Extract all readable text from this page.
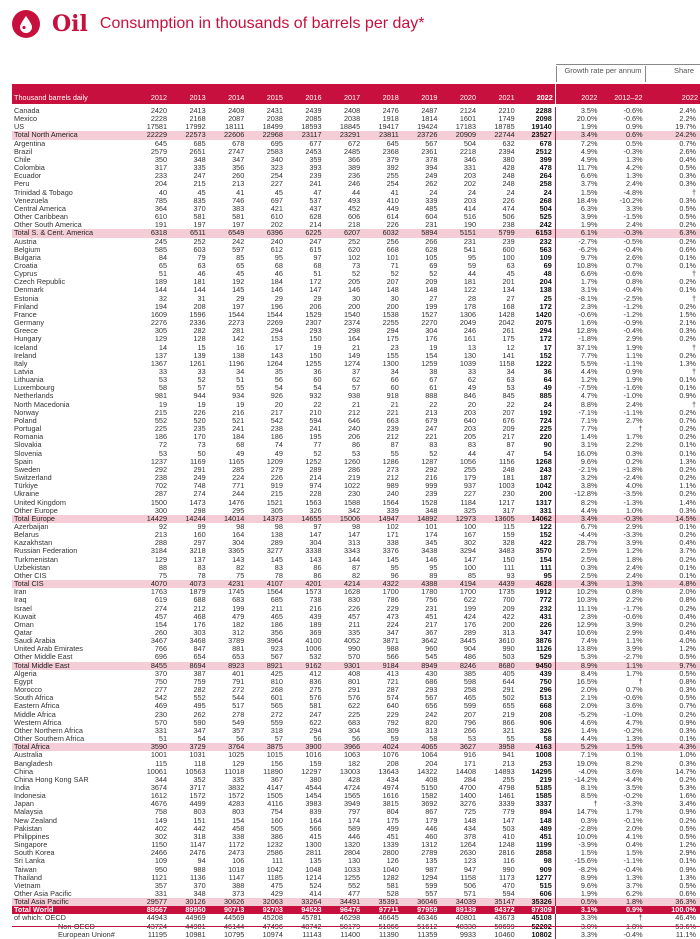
Oil Consumption in thousands of barrels per day*
Growth rate per annum	Share
Thousand barrels daily	2012	2013	2014	2015	2016	2017	2018	2019	2020	2021	2022	2022	2012–22	2022

Canada	2420	2413	2408	2431	2439	2408	2476	2487	2124	2210	2288	3.5%	-0.6%	2.4%
Mexico	2228	2168	2087	2038	2085	2038	1918	1814	1601	1749	2098	20.0%	-0.6%	2.2%
US	17581	17992	18111	18499	18593	18845	19417	19424	17183	18785	19140	1.9%	0.9%	19.7%
Total North America	22229	22573	22606	22968	23117	23291	23811	23726	20909	22744	23527	3.4%	0.6%	24.2%
Argentina	645	685	678	695	677	672	645	567	504	632	678	7.2%	0.5%	0.7%
Brazil	2579	2651	2747	2583	2453	2485	2368	2361	2218	2394	2512	4.9%	-0.3%	2.6%
Chile	350	348	347	340	359	366	379	378	346	380	399	4.9%	1.3%	0.4%
Colombia	317	335	356	323	393	389	392	394	331	428	478	11.7%	4.2%	0.5%
Ecuador	233	247	260	254	239	236	255	249	203	248	264	6.6%	1.3%	0.3%
Peru	204	215	213	227	241	246	254	262	202	248	258	3.7%	2.4%	0.3%
Trinidad & Tobago	40	45	41	45	47	44	41	24	24	24	24	1.5%	-4.8%	†
Venezuela	785	835	746	697	537	493	410	339	203	226	268	18.4%	-10.2%	0.3%
Central America	364	370	383	421	437	452	449	485	414	474	504	6.3%	3.3%	0.5%
Other Caribbean	610	581	581	610	628	606	614	604	516	506	525	3.9%	-1.5%	0.5%
Other South America	191	197	197	202	214	218	226	231	190	238	242	1.9%	2.4%	0.2%
Total S. & Cent. America	6318	6511	6549	6396	6225	6207	6032	5894	5151	5799	6153	6.1%	-0.3%	6.3%
Austria	245	252	242	240	247	252	256	266	231	239	232	-2.7%	-0.5%	0.2%
Belgium	585	603	597	612	615	620	668	628	541	600	563	-6.2%	-0.4%	0.6%
Bulgaria	84	79	85	95	97	102	101	105	95	100	109	9.7%	2.6%	0.1%
Croatia	65	63	65	68	68	73	71	69	59	63	69	10.8%	0.7%	0.1%
Cyprus	51	46	45	46	51	52	52	52	44	45	48	6.6%	-0.6%	†
Czech Republic	189	181	192	184	172	205	207	209	181	201	204	1.7%	0.8%	0.2%
Denmark	144	144	145	146	147	146	148	148	122	134	138	3.1%	-0.4%	0.1%
Estonia	32	31	29	29	29	30	30	27	28	27	25	-8.1%	-2.5%	†
Finland	194	208	197	196	206	200	200	199	178	168	172	2.3%	-1.2%	0.2%
France	1609	1596	1544	1544	1529	1540	1538	1527	1306	1428	1420	-0.6%	-1.2%	1.5%
Germany	2276	2336	2273	2269	2307	2374	2255	2270	2049	2042	2075	1.6%	-0.9%	2.1%
Greece	305	282	281	294	293	298	294	304	246	261	294	12.8%	-0.4%	0.3%
Hungary	129	128	142	153	150	164	175	176	161	175	172	-1.8%	2.9%	0.2%
Iceland	14	15	16	17	19	21	23	19	13	12	17	37.1%	1.9%	†
Ireland	137	139	138	143	150	149	155	154	130	141	152	7.7%	1.1%	0.2%
Italy	1367	1261	1196	1264	1255	1274	1300	1259	1039	1158	1222	5.5%	-1.1%	1.3%
Latvia	33	33	34	35	36	37	34	38	33	34	36	4.4%	0.9%	†
Lithuania	53	52	51	56	60	62	66	67	62	63	64	1.2%	1.9%	0.1%
Luxembourg	58	57	55	54	54	57	60	61	49	53	49	-7.5%	-1.6%	0.1%
Netherlands	981	944	934	926	932	938	918	888	846	845	885	4.7%	-1.0%	0.9%
North Macedonia	19	19	19	20	22	21	21	22	20	22	24	8.8%	2.4%	†
Norway	215	226	216	217	210	212	221	213	203	207	192	-7.1%	-1.1%	0.2%
Poland	552	520	521	542	594	646	663	679	640	676	724	7.1%	2.7%	0.7%
Portugal	225	235	241	238	241	240	239	247	203	209	225	7.7%	†	0.2%
Romania	186	170	184	186	195	206	212	221	205	217	220	1.4%	1.7%	0.2%
Slovakia	72	73	68	74	77	86	87	83	83	87	90	3.1%	2.2%	0.1%
Slovenia	53	50	49	49	52	53	55	52	44	47	54	16.0%	0.3%	0.1%
Spain	1237	1169	1165	1209	1252	1260	1286	1287	1056	1156	1268	9.6%	0.2%	1.3%
Sweden	292	291	285	279	289	286	273	292	255	248	243	-2.1%	-1.8%	0.2%
Switzerland	238	249	224	226	214	219	212	216	179	181	187	3.2%	-2.4%	0.2%
Türkiye	702	748	771	919	974	1022	989	999	937	1003	1042	3.8%	4.0%	1.1%
Ukraine	287	274	244	215	228	230	240	239	227	230	200	-12.8%	-3.5%	0.2%
United Kingdom	1500	1473	1476	1521	1563	1588	1564	1528	1184	1217	1317	8.2%	-1.3%	1.4%
Other Europe	300	298	295	305	326	342	339	348	325	317	331	4.4%	1.0%	0.3%
Total Europe	14429	14244	14014	14373	14655	15006	14947	14892	12973	13605	14062	3.4%	-0.3%	14.5%
Azerbaijan	92	99	98	98	97	98	102	101	100	115	122	6.7%	2.9%	0.1%
Belarus	213	160	164	138	147	147	171	174	167	159	152	-4.4%	-3.3%	0.2%
Kazakhstan	288	297	304	289	304	313	338	345	302	328	422	28.7%	3.9%	0.4%
Russian Federation	3184	3218	3365	3277	3338	3343	3376	3438	3294	3483	3570	2.5%	1.2%	3.7%
Turkmenistan	129	137	143	145	143	144	145	146	147	150	154	2.5%	1.8%	0.2%
Uzbekistan	88	83	82	83	86	87	95	95	100	111	111	0.3%	2.4%	0.1%
Other CIS	75	78	75	78	86	82	96	89	85	93	95	2.5%	2.4%	0.1%
Total CIS	4070	4073	4231	4107	4201	4214	4322	4388	4194	4439	4628	4.3%	1.3%	4.8%
Iran	1763	1879	1745	1564	1573	1628	1700	1780	1700	1735	1912	10.2%	0.8%	2.0%
Iraq	619	688	683	685	738	830	786	756	622	700	772	10.3%	2.2%	0.8%
Israel	274	212	199	211	216	226	229	231	199	209	232	11.1%	-1.7%	0.2%
Kuwait	457	468	479	465	439	457	473	451	424	422	431	2.3%	-0.6%	0.4%
Oman	154	176	182	186	189	211	224	217	176	200	226	12.9%	3.9%	0.2%
Qatar	260	303	312	356	369	335	347	367	289	313	347	10.6%	2.9%	0.4%
Saudi Arabia	3467	3468	3789	3964	4100	4052	3871	3642	3445	3610	3876	7.4%	1.1%	4.0%
United Arab Emirates	766	847	881	923	1006	990	988	960	904	990	1126	13.8%	3.9%	1.2%
Other Middle East	696	654	653	567	532	570	566	545	486	503	529	5.3%	-2.7%	0.5%
Total Middle East	8455	8694	8923	8921	9162	9301	9184	8949	8246	8680	9450	8.9%	1.1%	9.7%
Algeria	370	387	401	425	412	408	413	430	385	405	439	8.4%	1.7%	0.5%
Egypt	750	759	791	810	836	801	721	686	598	644	750	16.5%	†	0.8%
Morocco	277	282	272	268	275	291	287	293	258	291	296	2.0%	0.7%	0.3%
South Africa	542	552	544	601	576	576	574	567	465	502	513	2.1%	-0.6%	0.5%
Eastern Africa	469	495	517	565	581	622	640	656	599	655	668	2.0%	3.6%	0.7%
Middle Africa	230	262	278	272	247	225	229	242	207	219	208	-5.2%	-1.0%	0.2%
Western Africa	570	590	549	559	622	683	792	820	796	866	906	4.6%	4.7%	0.9%
Other Northern Africa	331	347	357	318	294	304	309	313	266	321	326	1.4%	-0.2%	0.3%
Other Southern Africa	51	54	56	57	56	56	59	58	53	55	58	4.4%	1.3%	0.1%
Total Africa	3590	3729	3764	3875	3900	3966	4024	4065	3627	3958	4163	5.2%	1.5%	4.3%
Australia	1001	1031	1025	1015	1016	1063	1076	1064	916	941	1008	7.1%	0.1%	1.0%
Bangladesh	115	118	129	156	159	182	208	204	171	213	253	19.0%	8.2%	0.3%
China	10061	10563	11018	11890	12297	13003	13643	14322	14408	14893	14295	-4.0%	3.6%	14.7%
China Hong Kong SAR	344	352	335	367	380	428	434	408	284	255	219	-14.2%	-4.4%	0.2%
India	3674	3717	3832	4147	4544	4724	4974	5150	4700	4798	5185	8.1%	3.5%	5.3%
Indonesia	1612	1572	1572	1505	1454	1565	1616	1582	1400	1461	1585	8.5%	-0.2%	1.6%
Japan	4676	4499	4283	4116	3983	3949	3815	3692	3276	3339	3337	†	-3.3%	3.4%
Malaysia	758	803	803	754	839	797	804	867	725	779	894	14.7%	1.7%	0.9%
New Zealand	149	151	154	160	164	174	175	179	148	147	148	0.3%	-0.1%	0.2%
Pakistan	402	442	458	505	566	589	499	446	434	503	489	-2.8%	2.0%	0.5%
Philippines	302	318	338	386	415	446	451	460	378	410	451	10.0%	4.1%	0.5%
Singapore	1150	1147	1172	1232	1300	1320	1339	1312	1264	1248	1199	-3.9%	0.4%	1.2%
South Korea	2466	2476	2473	2586	2811	2804	2800	2789	2630	2816	2858	1.5%	1.5%	2.9%
Sri Lanka	109	94	106	111	135	130	126	135	123	116	98	-15.6%	-1.1%	0.1%
Taiwan	950	988	1018	1042	1048	1033	1040	987	947	990	909	-8.2%	-0.4%	0.9%
Thailand	1121	1136	1147	1185	1214	1255	1282	1294	1158	1173	1277	8.9%	1.3%	1.3%
Vietnam	357	370	388	475	524	552	581	599	506	470	515	9.6%	3.7%	0.5%
Other Asia Pacific	331	348	373	429	414	477	528	557	571	594	606	1.9%	6.2%	0.6%
Total Asia Pacific	29577	30126	30626	32063	33264	34491	35391	36046	34039	35147	35326	0.5%	1.8%	36.3%
Total World	88667	89950	90713	92703	94523	96476	97711	97959	89139	94372	97309	3.1%	0.9%	100.0%
of which: OECD	44943	44969	44569	45208	45781	46298	46645	46346	40801	43673	45108	3.3%	†	46.4%
Non-OECD	43724	44981	46144	47496	48742	50179	51066	51612	48338	50699	52202	3.0%	1.8%	53.6%
European Union#	11195	10981	10795	10974	11143	11400	11390	11359	9933	10460	10802	3.3%	-0.4%	11.1%
